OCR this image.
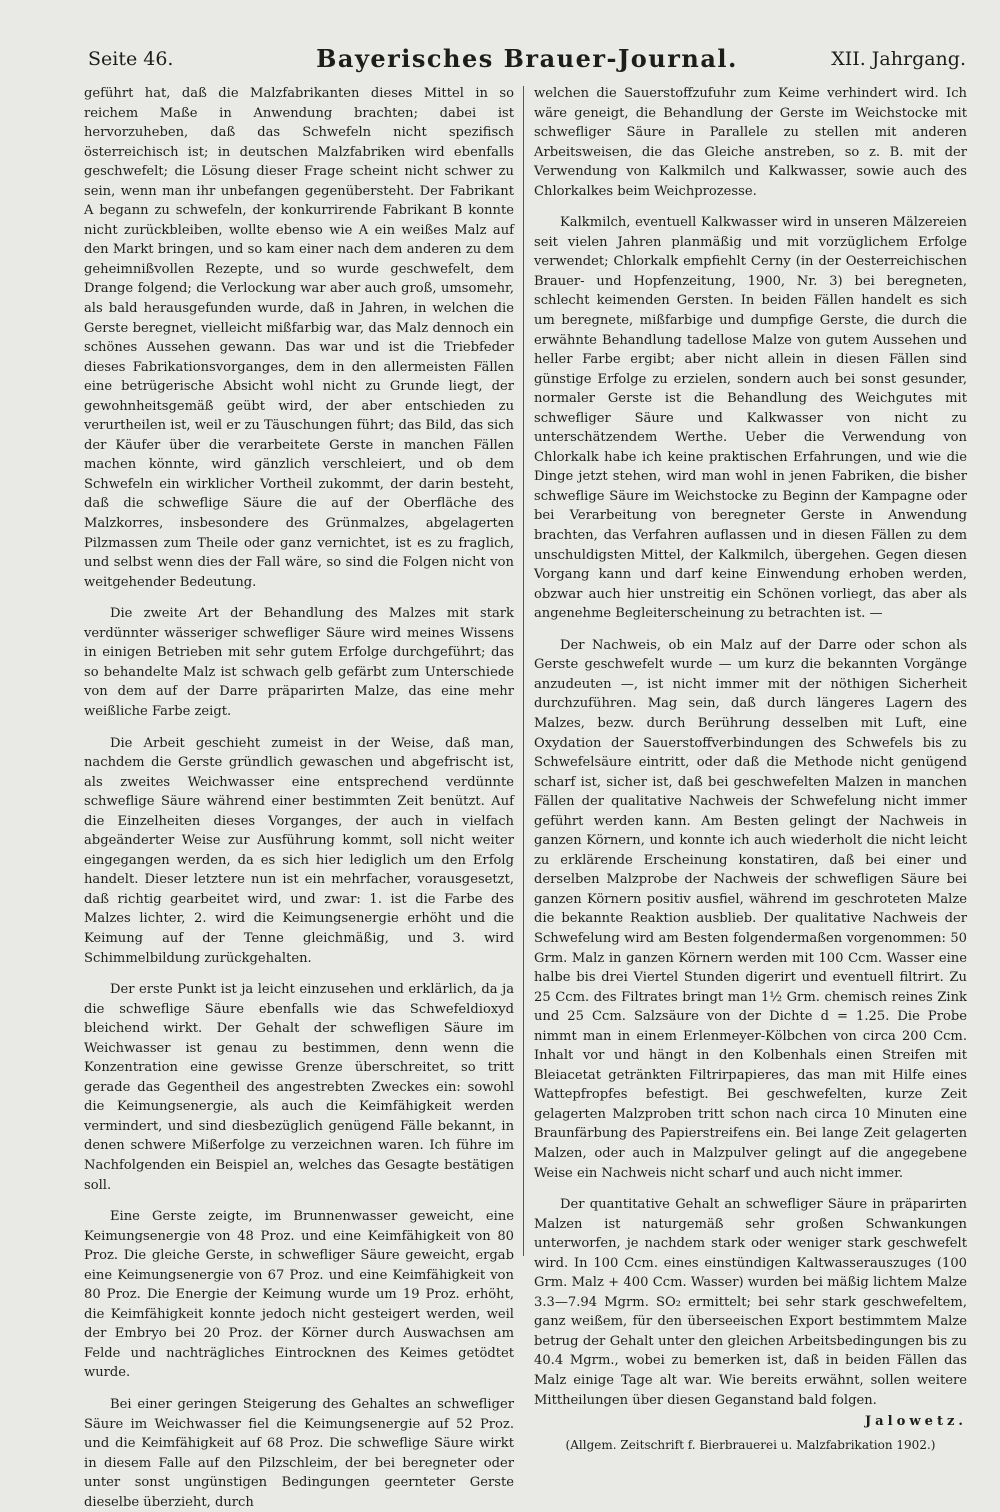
Seite 46.	Bayerisches Brauer-Journal.	XII. Jahrgang.

geführt hat, daß die Malzfabrikanten dieses Mittel in so reichem Maße in Anwendung brachten; dabei ist hervorzuheben, daß das Schwefeln nicht spezifisch österreichisch ist; in deutschen Malzfabriken wird ebenfalls geschwefelt; die Lösung dieser Frage scheint nicht schwer zu sein, wenn man ihr unbefangen gegenübersteht. Der Fabrikant A begann zu schwefeln, der konkurrirende Fabrikant B konnte nicht zurückbleiben, wollte ebenso wie A ein weißes Malz auf den Markt bringen, und so kam einer nach dem anderen zu dem geheimnißvollen Rezepte, und so wurde geschwefelt, dem Drange folgend; die Verlockung war aber auch groß, umsomehr, als bald herausgefunden wurde, daß in Jahren, in welchen die Gerste beregnet, vielleicht mißfarbig war, das Malz dennoch ein schönes Aussehen gewann. Das war und ist die Triebfeder dieses Fabrikationsvorganges, dem in den allermeisten Fällen eine betrügerische Absicht wohl nicht zu Grunde liegt, der gewohnheitsgemäß geübt wird, der aber entschieden zu verurtheilen ist, weil er zu Täuschungen führt; das Bild, das sich der Käufer über die verarbeitete Gerste in manchen Fällen machen könnte, wird gänzlich verschleiert, und ob dem Schwefeln ein wirklicher Vortheil zukommt, der darin besteht, daß die schweflige Säure die auf der Oberfläche des Malzkorres, insbesondere des Grünmalzes, abgelagerten Pilzmassen zum Theile oder ganz vernichtet, ist es zu fraglich, und selbst wenn dies der Fall wäre, so sind die Folgen nicht von weitgehender Bedeutung.

Die zweite Art der Behandlung des Malzes mit stark verdünnter wässeriger schwefliger Säure wird meines Wissens in einigen Betrieben mit sehr gutem Erfolge durchgeführt; das so behandelte Malz ist schwach gelb gefärbt zum Unterschiede von dem auf der Darre präparirten Malze, das eine mehr weißliche Farbe zeigt.

Die Arbeit geschieht zumeist in der Weise, daß man, nachdem die Gerste gründlich gewaschen und abgefrischt ist, als zweites Weichwasser eine entsprechend verdünnte schweflige Säure während einer bestimmten Zeit benützt. Auf die Einzelheiten dieses Vorganges, der auch in vielfach abgeänderter Weise zur Ausführung kommt, soll nicht weiter eingegangen werden, da es sich hier lediglich um den Erfolg handelt. Dieser letztere nun ist ein mehrfacher, vorausgesetzt, daß richtig gearbeitet wird, und zwar: 1. ist die Farbe des Malzes lichter, 2. wird die Keimungsenergie erhöht und die Keimung auf der Tenne gleichmäßig, und 3. wird Schimmelbildung zurückgehalten.

Der erste Punkt ist ja leicht einzusehen und erklärlich, da ja die schweflige Säure ebenfalls wie das Schwefeldioxyd bleichend wirkt. Der Gehalt der schwefligen Säure im Weichwasser ist genau zu bestimmen, denn wenn die Konzentration eine gewisse Grenze überschreitet, so tritt gerade das Gegentheil des angestrebten Zweckes ein: sowohl die Keimungsenergie, als auch die Keimfähigkeit werden vermindert, und sind diesbezüglich genügend Fälle bekannt, in denen schwere Mißerfolge zu verzeichnen waren. Ich führe im Nachfolgenden ein Beispiel an, welches das Gesagte bestätigen soll.

Eine Gerste zeigte, im Brunnenwasser geweicht, eine Keimungsenergie von 48 Proz. und eine Keimfähigkeit von 80 Proz. Die gleiche Gerste, in schwefliger Säure geweicht, ergab eine Keimungsenergie von 67 Proz. und eine Keimfähigkeit von 80 Proz. Die Energie der Keimung wurde um 19 Proz. erhöht, die Keimfähigkeit konnte jedoch nicht gesteigert werden, weil der Embryo bei 20 Proz. der Körner durch Auswachsen am Felde und nachträgliches Eintrocknen des Keimes getödtet wurde.

Bei einer geringen Steigerung des Gehaltes an schwefliger Säure im Weichwasser fiel die Keimungsenergie auf 52 Proz. und die Keimfähigkeit auf 68 Proz. Die schweflige Säure wirkt in diesem Falle auf den Pilzschleim, der bei beregneter oder unter sonst ungünstigen Bedingungen geernteter Gerste dieselbe überzieht, durch

welchen die Sauerstoffzufuhr zum Keime verhindert wird. Ich wäre geneigt, die Behandlung der Gerste im Weichstocke mit schwefliger Säure in Parallele zu stellen mit anderen Arbeitsweisen, die das Gleiche anstreben, so z. B. mit der Verwendung von Kalkmilch und Kalkwasser, sowie auch des Chlorkalkes beim Weichprozesse.

Kalkmilch, eventuell Kalkwasser wird in unseren Mälzereien seit vielen Jahren planmäßig und mit vorzüglichem Erfolge verwendet; Chlorkalk empfiehlt Cerny (in der Oesterreichischen Brauer- und Hopfenzeitung, 1900, Nr. 3) bei beregneten, schlecht keimenden Gersten. In beiden Fällen handelt es sich um beregnete, mißfarbige und dumpfige Gerste, die durch die erwähnte Behandlung tadellose Malze von gutem Aussehen und heller Farbe ergibt; aber nicht allein in diesen Fällen sind günstige Erfolge zu erzielen, sondern auch bei sonst gesunder, normaler Gerste ist die Behandlung des Weichgutes mit schwefliger Säure und Kalkwasser von nicht zu unterschätzendem Werthe. Ueber die Verwendung von Chlorkalk habe ich keine praktischen Erfahrungen, und wie die Dinge jetzt stehen, wird man wohl in jenen Fabriken, die bisher schweflige Säure im Weichstocke zu Beginn der Kampagne oder bei Verarbeitung von beregneter Gerste in Anwendung brachten, das Verfahren auflassen und in diesen Fällen zu dem unschuldigsten Mittel, der Kalkmilch, übergehen. Gegen diesen Vorgang kann und darf keine Einwendung erhoben werden, obzwar auch hier unstreitig ein Schönen vorliegt, das aber als angenehme Begleiterscheinung zu betrachten ist. —

Der Nachweis, ob ein Malz auf der Darre oder schon als Gerste geschwefelt wurde — um kurz die bekannten Vorgänge anzudeuten —, ist nicht immer mit der nöthigen Sicherheit durchzuführen. Mag sein, daß durch längeres Lagern des Malzes, bezw. durch Berührung desselben mit Luft, eine Oxydation der Sauerstoffverbindungen des Schwefels bis zu Schwefelsäure eintritt, oder daß die Methode nicht genügend scharf ist, sicher ist, daß bei geschwefelten Malzen in manchen Fällen der qualitative Nachweis der Schwefelung nicht immer geführt werden kann. Am Besten gelingt der Nachweis in ganzen Körnern, und konnte ich auch wiederholt die nicht leicht zu erklärende Erscheinung konstatiren, daß bei einer und derselben Malzprobe der Nachweis der schwefligen Säure bei ganzen Körnern positiv ausfiel, während im geschroteten Malze die bekannte Reaktion ausblieb. Der qualitative Nachweis der Schwefelung wird am Besten folgendermaßen vorgenommen: 50 Grm. Malz in ganzen Körnern werden mit 100 Ccm. Wasser eine halbe bis drei Viertel Stunden digerirt und eventuell filtrirt. Zu 25 Ccm. des Filtrates bringt man 1½ Grm. chemisch reines Zink und 25 Ccm. Salzsäure von der Dichte d = 1.25. Die Probe nimmt man in einem Erlenmeyer-Kölbchen von circa 200 Ccm. Inhalt vor und hängt in den Kolbenhals einen Streifen mit Bleiacetat getränkten Filtrirpapieres, das man mit Hilfe eines Wattepfropfes befestigt. Bei geschwefelten, kurze Zeit gelagerten Malzproben tritt schon nach circa 10 Minuten eine Braunfärbung des Papierstreifens ein. Bei lange Zeit gelagerten Malzen, oder auch in Malzpulver gelingt auf die angegebene Weise ein Nachweis nicht scharf und auch nicht immer.

Der quantitative Gehalt an schwefliger Säure in präparirten Malzen ist naturgemäß sehr großen Schwankungen unterworfen, je nachdem stark oder weniger stark geschwefelt wird. In 100 Ccm. eines einstündigen Kaltwasserauszuges (100 Grm. Malz + 400 Ccm. Wasser) wurden bei mäßig lichtem Malze 3.3—7.94 Mgrm. SO₂ ermittelt; bei sehr stark geschwefeltem, ganz weißem, für den überseeischen Export bestimmtem Malze betrug der Gehalt unter den gleichen Arbeitsbedingungen bis zu 40.4 Mgrm., wobei zu bemerken ist, daß in beiden Fällen das Malz einige Tage alt war. Wie bereits erwähnt, sollen weitere Mittheilungen über diesen Geganstand bald folgen.

Jalowetz.
(Allgem. Zeitschrift f. Bierbrauerei u. Malzfabrikation 1902.)
